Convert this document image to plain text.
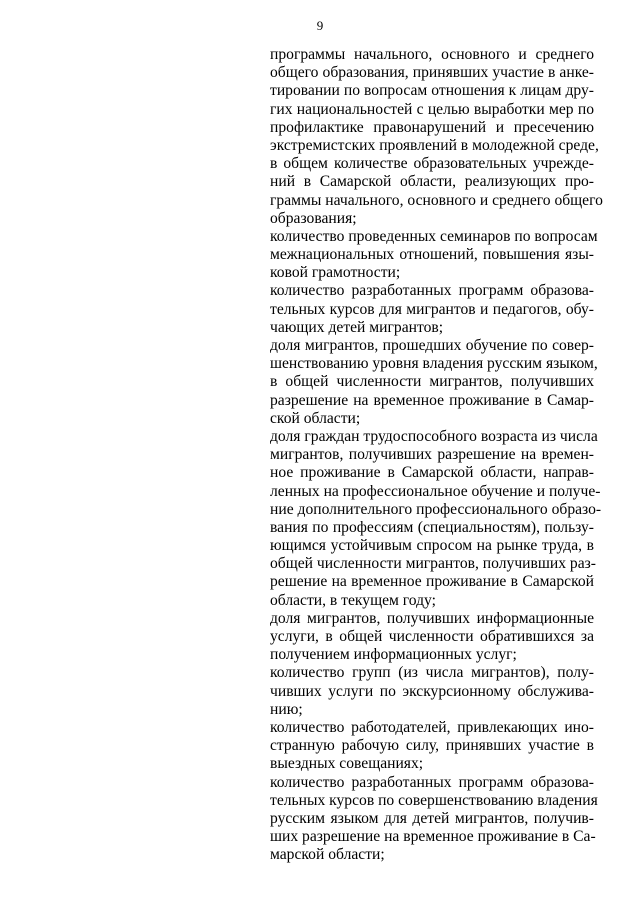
9
программы начального, основного и среднего
общего образования, принявших участие в анке-
тировании по вопросам отношения к лицам дру-
гих национальностей с целью выработки мер по
профилактике правонарушений и пресечению
экстремистских проявлений в молодежной среде,
в общем количестве образовательных учрежде-
ний в Самарской области, реализующих про-
граммы начального, основного и среднего общего
образования;
количество проведенных семинаров по вопросам
межнациональных отношений, повышения язы-
ковой грамотности;
количество разработанных программ образова-
тельных курсов для мигрантов и педагогов, обу-
чающих детей мигрантов;
доля мигрантов, прошедших обучение по совер-
шенствованию уровня владения русским языком,
в общей численности мигрантов, получивших
разрешение на временное проживание в Самар-
ской области;
доля граждан трудоспособного возраста из числа
мигрантов, получивших разрешение на времен-
ное проживание в Самарской области, направ-
ленных на профессиональное обучение и получе-
ние дополнительного профессионального образо-
вания по профессиям (специальностям), пользу-
ющимся устойчивым спросом на рынке труда, в
общей численности мигрантов, получивших раз-
решение на временное проживание в Самарской
области, в текущем году;
доля мигрантов, получивших информационные
услуги, в общей численности обратившихся за
получением информационных услуг;
количество групп (из числа мигрантов), полу-
чивших услуги по экскурсионному обслужива-
нию;
количество работодателей, привлекающих ино-
странную рабочую силу, принявших участие в
выездных совещаниях;
количество разработанных программ образова-
тельных курсов по совершенствованию владения
русским языком для детей мигрантов, получив-
ших разрешение на временное проживание в Са-
марской области;
